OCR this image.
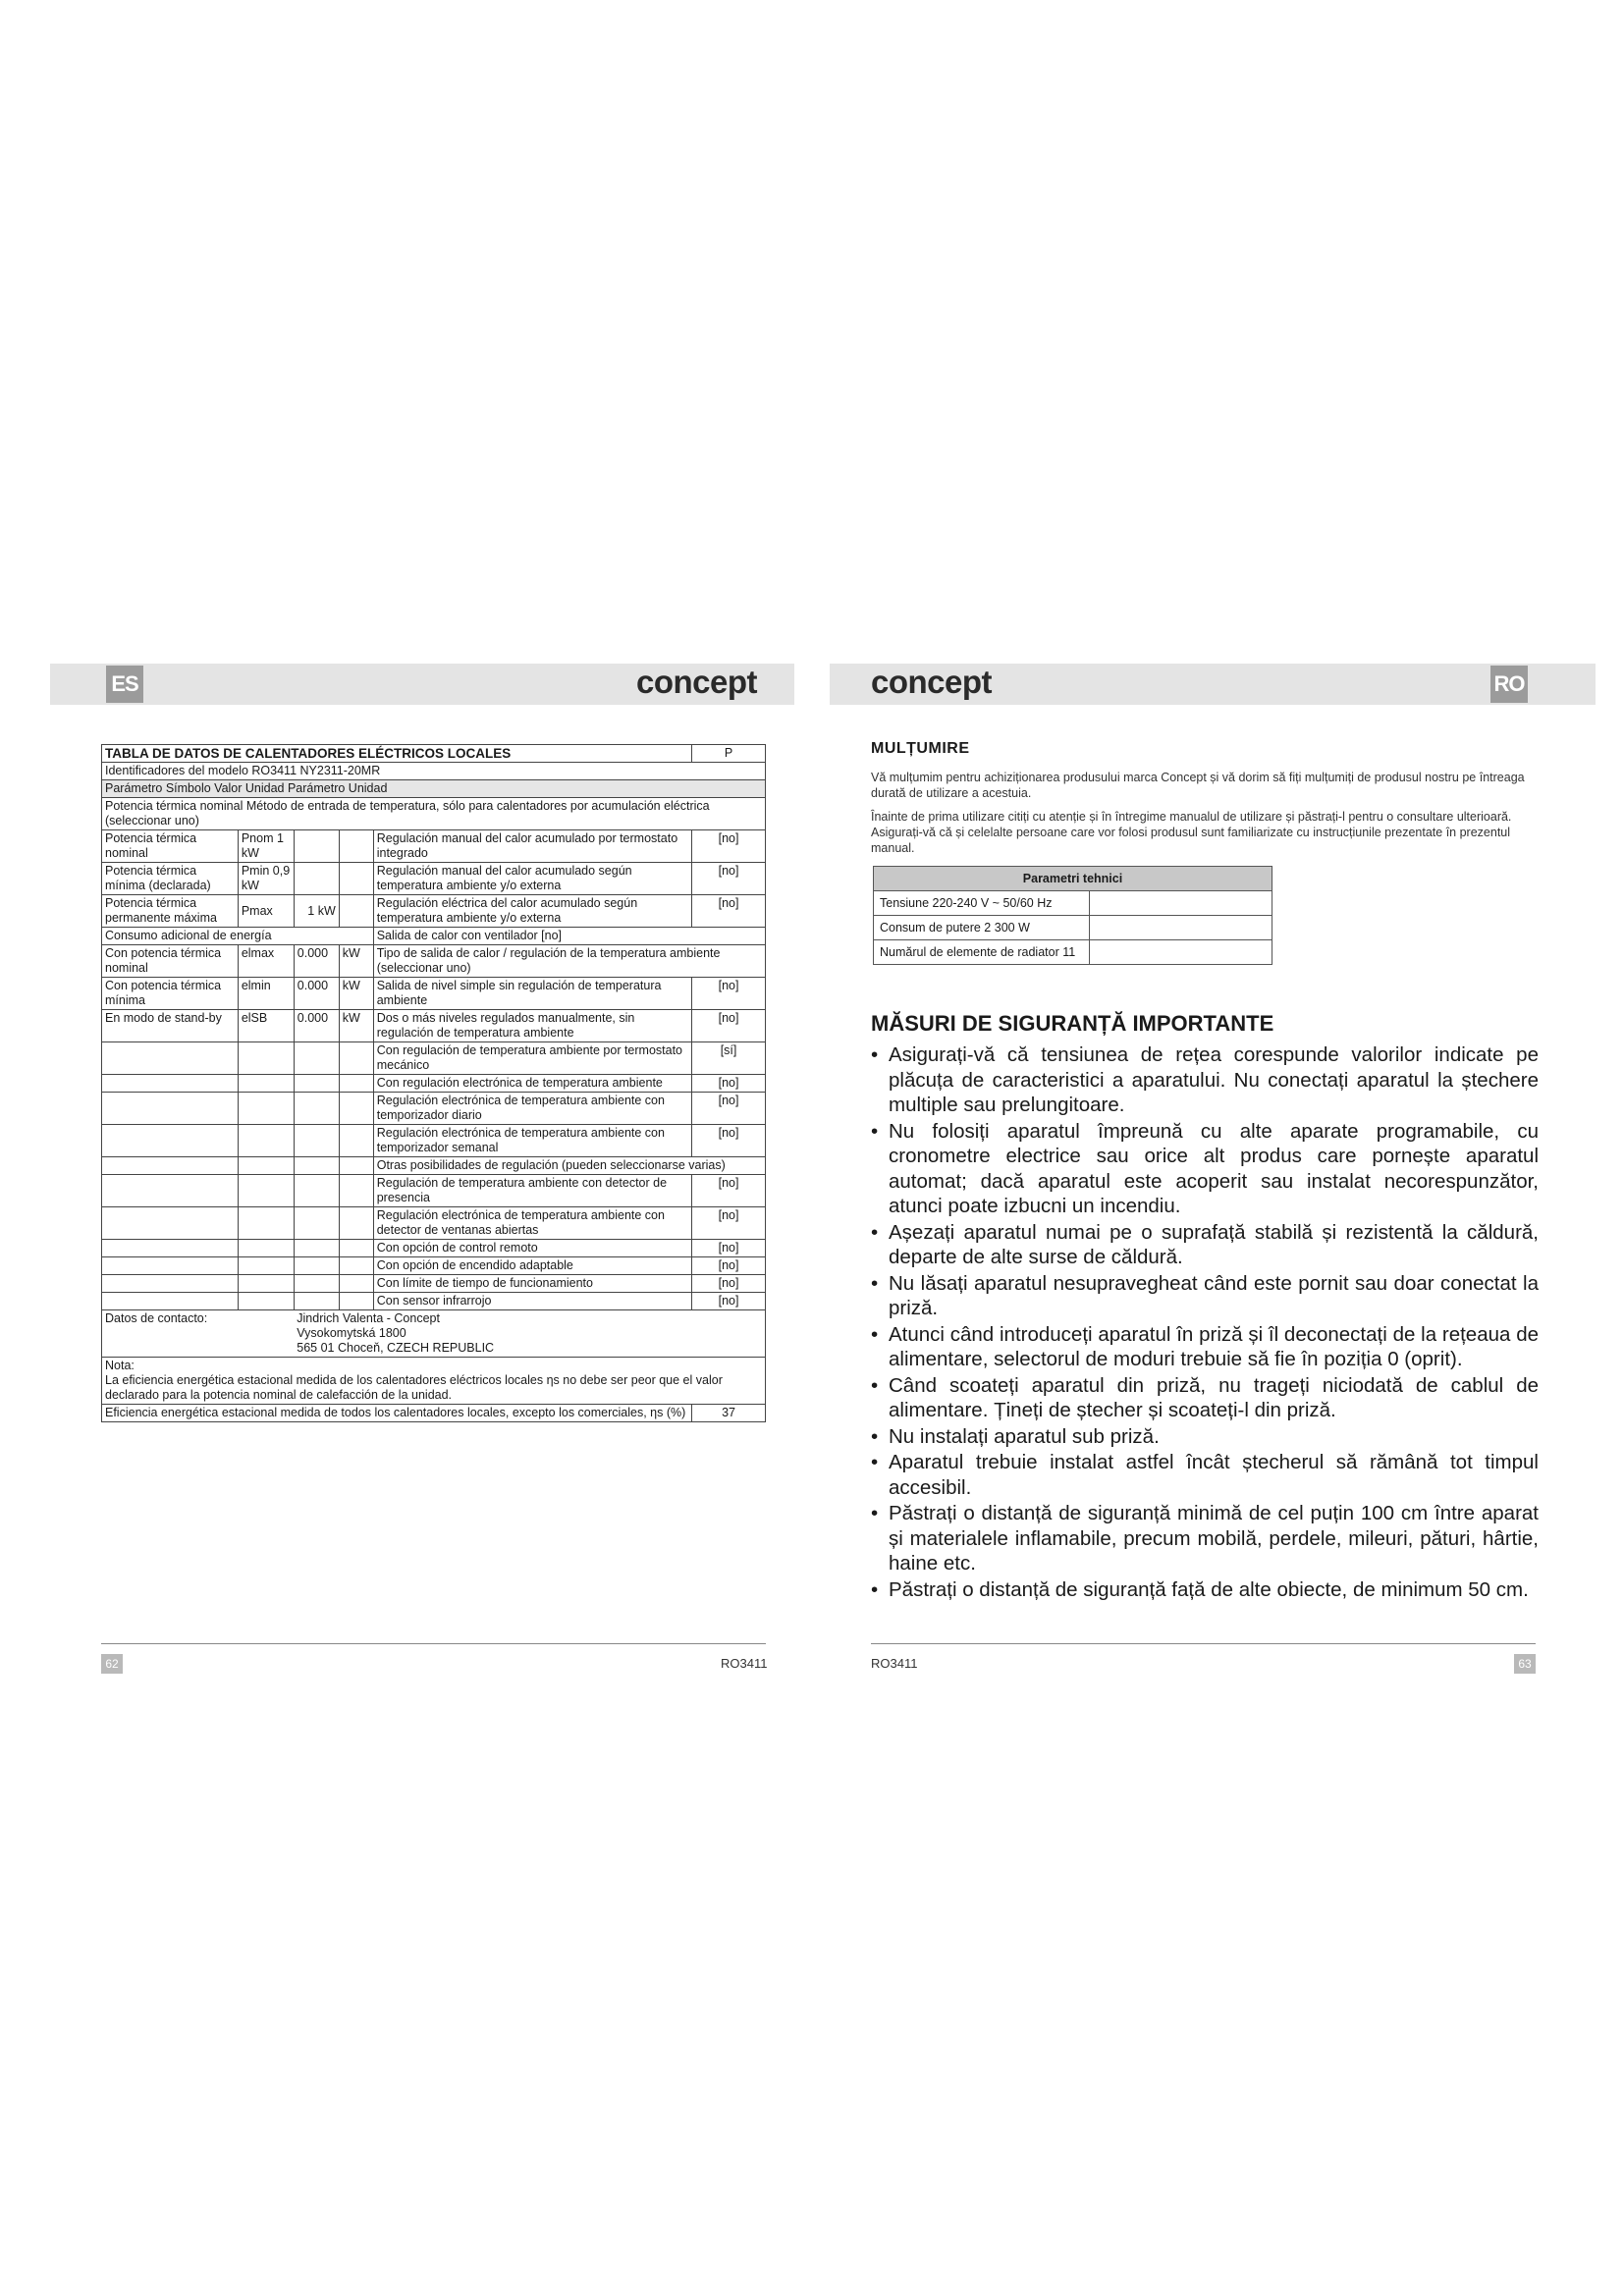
ES	RO
concept	concept
TABLA DE DATOS DE CALENTADORES ELÉCTRICOS LOCALES					P
Identificadores del modelo RO3411 NY2311-20MR					
Parámetro Símbolo Valor Unidad Parámetro Unidad					
Potencia térmica nominal Método de entrada de temperatura, sólo para calentadores por acumulación eléctrica (seleccionar uno)					
Potencia térmica nominal	Pnom 1 kW			Regulación manual del calor acumulado por termostato integrado	[no]
Potencia térmica mínima (declarada)	Pmin 0,9 kW			Regulación manual del calor acumulado según temperatura ambiente y/o externa	[no]
Potencia térmica permanente máxima	Pmax	1 kW		Regulación eléctrica del calor acumulado según temperatura ambiente y/o externa	[no]
Consumo adicional de energía				Salida de calor con ventilador [no]	
Con potencia térmica nominal	elmax	0.000	kW	Tipo de salida de calor / regulación de la temperatura ambiente (seleccionar uno)	
Con potencia térmica mínima	elmin	0.000	kW	Salida de nivel simple sin regulación de temperatura ambiente	[no]
En modo de stand-by	elSB	0.000	kW	Dos o más niveles regulados manualmente, sin regulación de temperatura ambiente	[no]
				Con regulación de temperatura ambiente por termostato mecánico	[sí]
				Con regulación electrónica de temperatura ambiente	[no]
				Regulación electrónica de temperatura ambiente con temporizador diario	[no]
				Regulación electrónica de temperatura ambiente con temporizador semanal	[no]
				Otras posibilidades de regulación (pueden seleccionarse varias)	
				Regulación de temperatura ambiente con detector de presencia	[no]
				Regulación electrónica de temperatura ambiente con detector de ventanas abiertas	[no]
				Con opción de control remoto	[no]
				Con opción de encendido adaptable	[no]
				Con límite de tiempo de funcionamiento	[no]
				Con sensor infrarrojo	[no]
Datos de contacto:		Jindrich Valenta - Concept
Vysokomytská 1800
565 01 Choceň, CZECH REPUBLIC			

Nota:
La eficiencia energética estacional medida de los calentadores eléctricos locales ηs no debe ser peor que el valor declarado para la potencia nominal de calefacción de la unidad.					

Eficiencia energética estacional medida de todos los calentadores locales, excepto los comerciales, ηs (%)					37
62	RO3411	RO3411	63
MULȚUMIRE

Vă mulțumim pentru achiziționarea produsului marca Concept și vă dorim să fiți mulțumiți de produsul nostru pe întreaga durată de utilizare a acestuia.

Înainte de prima utilizare citiți cu atenție și în întregime manualul de utilizare și păstrați-l pentru o consultare ulterioară. Asigurați-vă că și celelalte persoane care vor folosi produsul sunt familiarizate cu instrucțiunile prezentate în prezentul manual.

Parametri tehnici	
Tensiune 220-240 V ~ 50/60 Hz	
Consum de putere 2 300 W	
Numărul de elemente de radiator 11	
MĂSURI DE SIGURANȚĂ IMPORTANTE
• Asigurați-vă că tensiunea de rețea corespunde valorilor indicate pe plăcuța de caracteristici a aparatului. Nu conectați aparatul la ștechere multiple sau prelungitoare.
• Nu folosiți aparatul împreună cu alte aparate programabile, cu cronometre electrice sau orice alt produs care pornește aparatul automat; dacă aparatul este acoperit sau instalat necorespunzător, atunci poate izbucni un incendiu.
• Așezați aparatul numai pe o suprafață stabilă și rezistentă la căldură, departe de alte surse de căldură.
• Nu lăsați aparatul nesupravegheat când este pornit sau doar conectat la priză.
• Atunci când introduceți aparatul în priză și îl deconectați de la rețeaua de alimentare, selectorul de moduri trebuie să fie în poziția 0 (oprit).
• Când scoateți aparatul din priză, nu trageți niciodată de cablul de alimentare. Țineți de ștecher și scoateți-l din priză.
• Nu instalați aparatul sub priză.
• Aparatul trebuie instalat astfel încât ștecherul să rămână tot timpul accesibil.
• Păstrați o distanță de siguranță minimă de cel puțin 100 cm între aparat și materialele inflamabile, precum mobilă, perdele, mileuri, pături, hârtie, haine etc.
• Păstrați o distanță de siguranță față de alte obiecte, de minimum 50 cm.
